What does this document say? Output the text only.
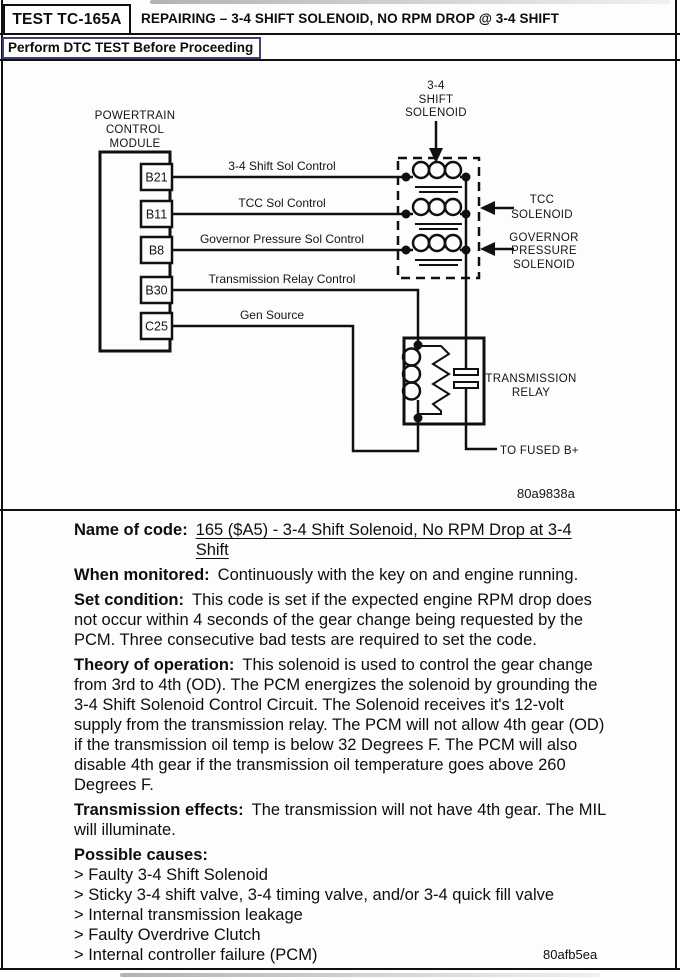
TEST TC-165A REPAIRING – 3-4 SHIFT SOLENOID, NO RPM DROP @ 3-4 SHIFT
Perform DTC TEST Before Proceeding
POWERTRAIN
CONTROL
MODULE
B21
B11
B8
B30
C25
3-4 Shift Sol Control
TCC Sol Control
Governor Pressure Sol Control
Transmission Relay Control
Gen Source
3-4
SHIFT
SOLENOID
TCC
SOLENOID
GOVERNOR
PRESSURE
SOLENOID
TRANSMISSION
RELAY
TO FUSED B+
80a9838a
Name of code: 165 ($A5) - 3-4 Shift Solenoid, No RPM Drop at 3-4 Shift

When monitored: Continuously with the key on and engine running.

Set condition: This code is set if the expected engine RPM drop does not occur within 4 seconds of the gear change being requested by the PCM. Three consecutive bad tests are required to set the code.

Theory of operation: This solenoid is used to control the gear change from 3rd to 4th (OD). The PCM energizes the solenoid by grounding the 3-4 Shift Solenoid Control Circuit. The Solenoid receives it's 12-volt supply from the transmission relay. The PCM will not allow 4th gear (OD) if the transmission oil temp is below 32 Degrees F. The PCM will also disable 4th gear if the transmission oil temperature goes above 260 Degrees F.

Transmission effects: The transmission will not have 4th gear. The MIL will illuminate.

Possible causes:
> Faulty 3-4 Shift Solenoid
> Sticky 3-4 shift valve, 3-4 timing valve, and/or 3-4 quick fill valve
> Internal transmission leakage
> Faulty Overdrive Clutch
> Internal controller failure (PCM)	80afb5ea
